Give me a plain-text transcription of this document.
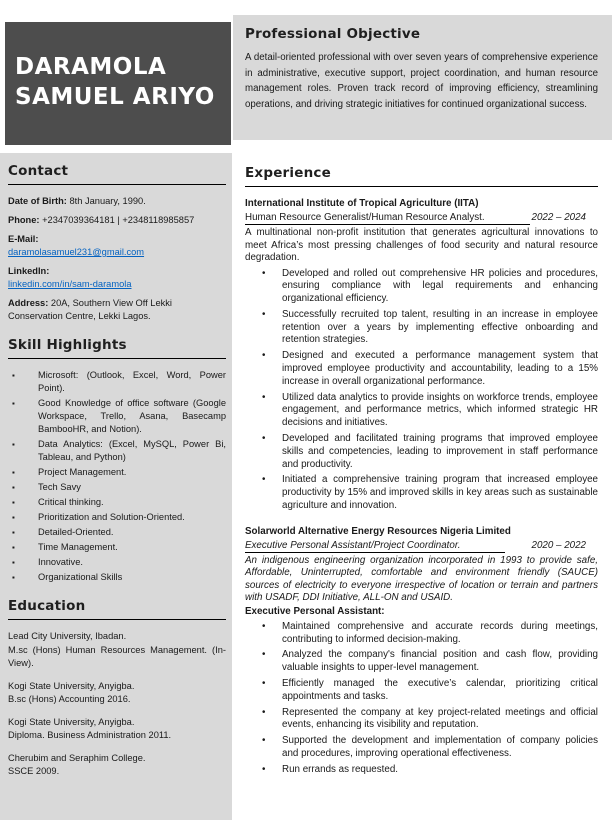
DARAMOLA
SAMUEL ARIYO
Professional Objective

A detail-oriented professional with over seven years of comprehensive experience in administrative, executive support, project coordination, and human resource management roles. Proven track record of improving efficiency, streamlining operations, and driving strategic initiatives for continued organizational success.

Contact

Date of Birth: 8th January, 1990.

Phone: +2347039364181 | +2348118985857

E-Mail:
daramolasamuel231@gmail.com
LinkedIn:
linkedin.com/in/sam-daramola

Address: 20A, Southern View Off Lekki Conservation Centre, Lekki Lagos.

Skill Highlights
▪ Microsoft: (Outlook, Excel, Word, Power Point).
▪ Good Knowledge of office software (Google Workspace, Trello, Asana, Basecamp BambooHR, and Notion).
▪ Data Analytics: (Excel, MySQL, Power Bi, Tableau, and Python)
▪ Project Management.
▪ Tech Savy
▪ Critical thinking.
▪ Prioritization and Solution-Oriented.
▪ Detailed-Oriented.
▪ Time Management.
▪ Innovative.
▪ Organizational Skills
Education
Lead City University, Ibadan.
M.sc (Hons) Human Resources Management. (In-View).
Kogi State University, Anyigba.
B.sc (Hons) Accounting 2016.
Kogi State University, Anyigba.
Diploma. Business Administration 2011.
Cherubim and Seraphim College.
SSCE 2009.
Experience
International Institute of Tropical Agriculture (IITA)
Human Resource Generalist/Human Resource Analyst.	2022 – 2024

A multinational non-profit institution that generates agricultural innovations to meet Africa’s most pressing challenges of food security and natural resource degradation.

• Developed and rolled out comprehensive HR policies and procedures, ensuring compliance with legal requirements and enhancing organizational efficiency.
• Successfully recruited top talent, resulting in an increase in employee retention over a years by implementing effective onboarding and retention strategies.
• Designed and executed a performance management system that improved employee productivity and accountability, leading to a 15% increase in overall organizational performance.
• Utilized data analytics to provide insights on workforce trends, employee engagement, and performance metrics, which informed strategic HR decisions and initiatives.
• Developed and facilitated training programs that improved employee skills and competencies, leading to improvement in staff performance and productivity.
• Initiated a comprehensive training program that increased employee productivity by 15% and improved skills in key areas such as sustainable agriculture and innovation.
Solarworld Alternative Energy Resources Nigeria Limited
Executive Personal Assistant/Project Coordinator.	2020 – 2022

An indigenous engineering organization incorporated in 1993 to provide safe, Affordable, Uninterrupted, comfortable and environment friendly (SAUCE) sources of electricity to everyone irrespective of location or terrain and partners with USADF, DDI Initiative, ALL-ON and USAID.

Executive Personal Assistant:
• Maintained comprehensive and accurate records during meetings, contributing to informed decision-making.
• Analyzed the company's financial position and cash flow, providing valuable insights to upper-level management.
• Efficiently managed the executive’s calendar, prioritizing critical appointments and tasks.
• Represented the company at key project-related meetings and official events, enhancing its visibility and reputation.
• Supported the development and implementation of company policies and procedures, improving operational effectiveness.
• Run errands as requested.
